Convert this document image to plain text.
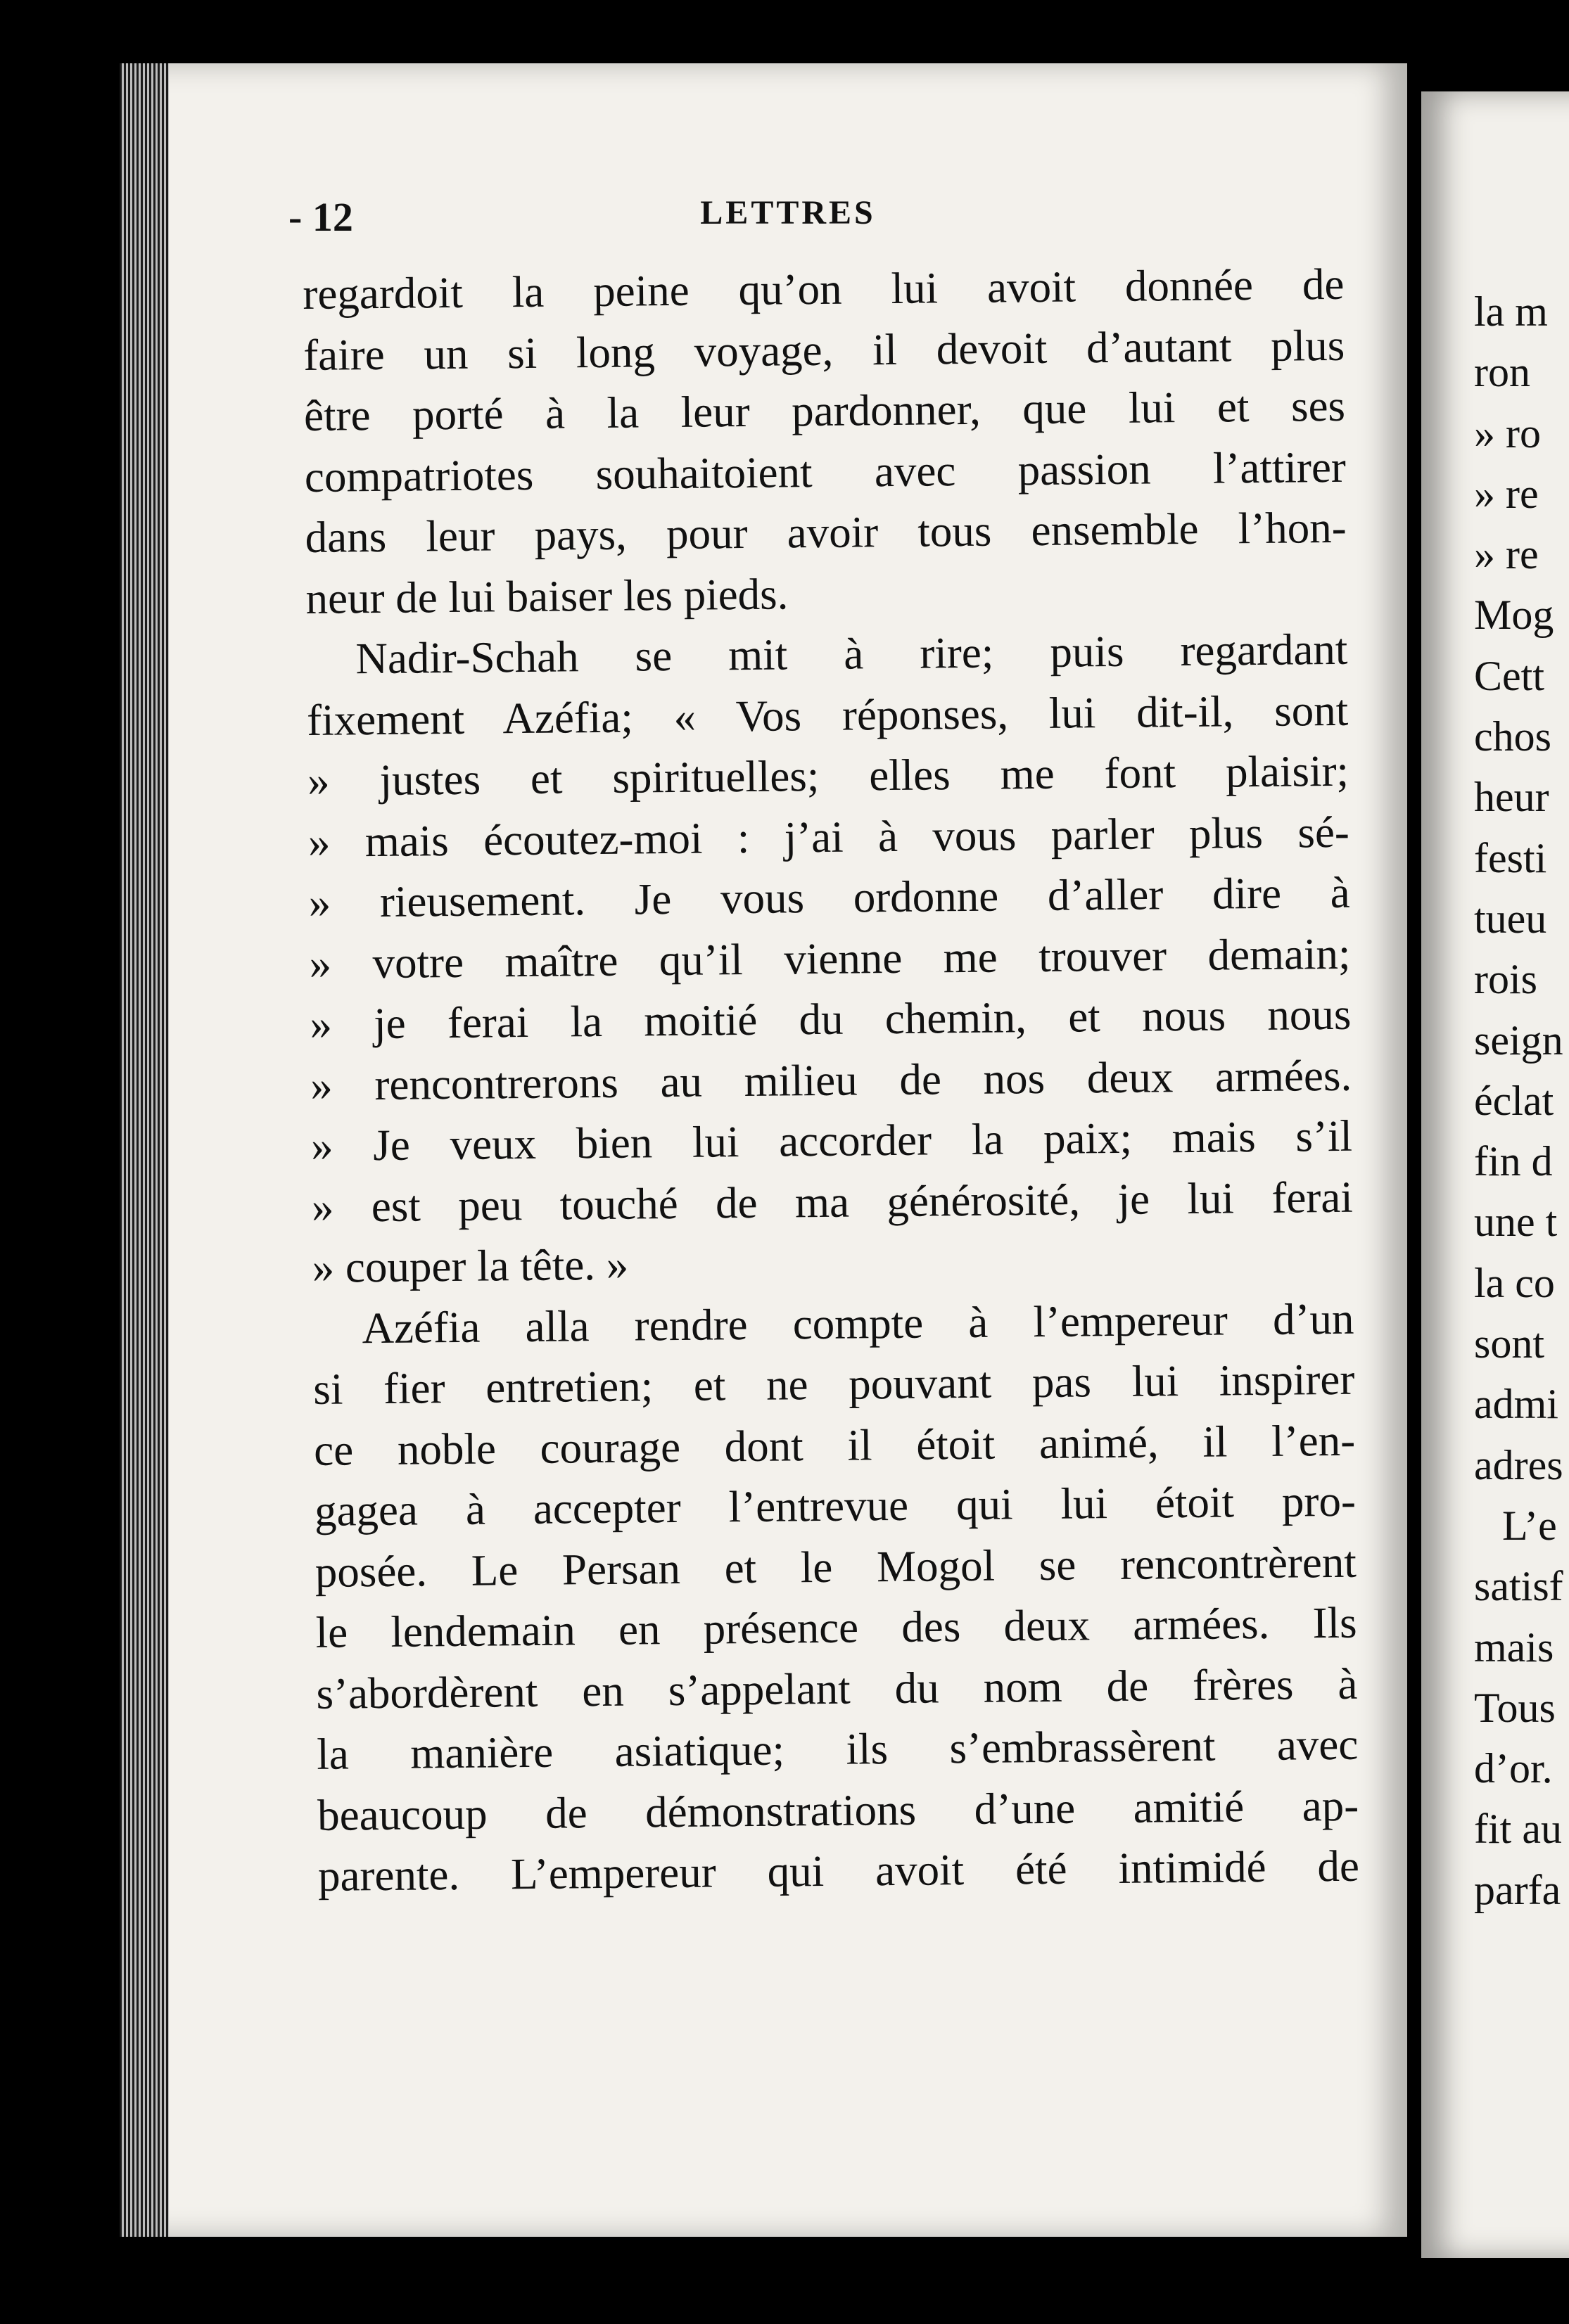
- 12	LETTRES
regardoit la peine qu’on lui avoit donnée de
faire un si long voyage, il devoit d’autant plus
être porté à la leur pardonner, que lui et ses
compatriotes souhaitoient avec passion l’attirer
dans leur pays, pour avoir tous ensemble l’hon-
neur de lui baiser les pieds.
Nadir-Schah se mit à rire; puis regardant
fixement Azéfia; « Vos réponses, lui dit-il, sont
» justes et spirituelles; elles me font plaisir;
» mais écoutez-moi : j’ai à vous parler plus sé-
» rieusement. Je vous ordonne d’aller dire à
» votre maître qu’il vienne me trouver demain;
» je ferai la moitié du chemin, et nous nous
» rencontrerons au milieu de nos deux armées.
» Je veux bien lui accorder la paix; mais s’il
» est peu touché de ma générosité, je lui ferai
» couper la tête. »
Azéfia alla rendre compte à l’empereur d’un
si fier entretien; et ne pouvant pas lui inspirer
ce noble courage dont il étoit animé, il l’en-
gagea à accepter l’entrevue qui lui étoit pro-
posée. Le Persan et le Mogol se rencontrèrent
le lendemain en présence des deux armées. Ils
s’abordèrent en s’appelant du nom de frères à
la manière asiatique; ils s’embrassèrent avec
beaucoup de démonstrations d’une amitié ap-
parente. L’empereur qui avoit été intimidé de
la m
ron
» ro
» re
» re
Mog
Cett
chos
heur
festi
tueu
rois
seign
éclat
fin d
une t
la co
sont
admi
adres
L’e
satisf
mais
Tous
d’or.
fit au
parfa
